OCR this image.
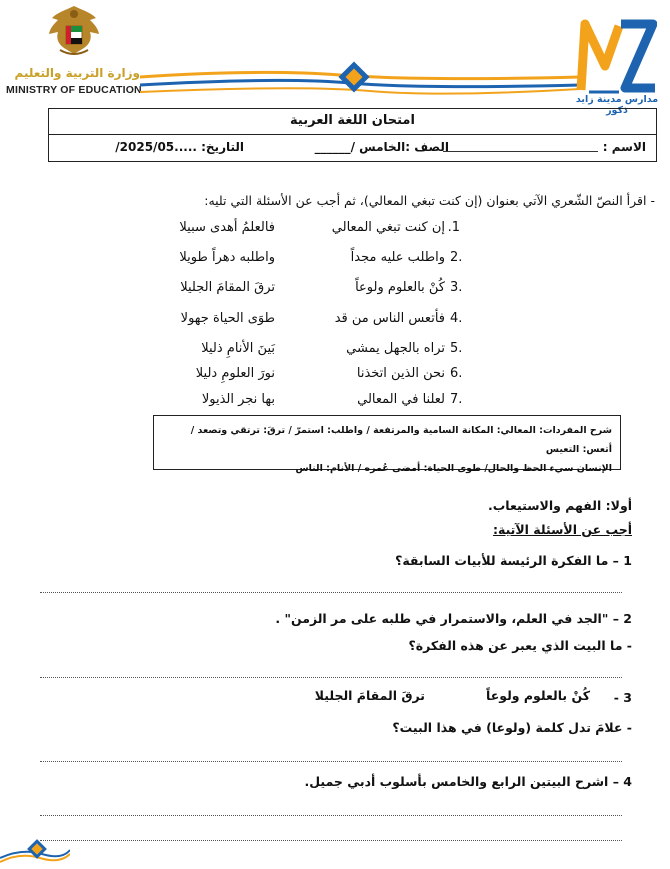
وزارة التربية والتعليم
MINISTRY OF EDUCATION
مدارس مدينة زايد ذكور
امتحان اللغة العربية
الاسم :
الصف :الخامس /______
التاريخ: .....2025/05/
- اقرأ النصّ الشّعري الآتي بعنوان (إن كنت تبغي المعالي)، ثم أجب عن الأسئلة التي تليه:
1.
إن كنت تبغي المعالي
فالعلمُ أهدى سبيلا
2.
واطلب عليه مجداً
واطلبه دهراً طويلا
3.
كُنْ بالعلوم ولوعاً
ترقَ المقامَ الجليلا
4.
فأتعس الناس من قد
طوَى الحياة جهولا
5.
تراه بالجهل يمشي
بَينَ الأنامِ ذليلا
6.
نحن الذين اتخذنا
نورَ العلومِ دليلا
7.
لعلنا في المعالي
بها نجر الذيولا
شرح المفردات: المعالي: المكانة السامية والمرتفعة / واطلب: استمرّ / ترقَ: ترتقي وتصعد / أتعس: التعيس
الإنسان سيء الحظ والحال/ طوى الحياة: أمضى عُمره / الأنام: الناس
أولا: الفهم والاستيعاب.
أجب عن الأسئلة الآتية:
1 – ما الفكرة الرئيسة للأبيات السابقة؟
2 – "الجد في العلم، والاستمرار في طلبه على مر الزمن" .
- ما البيت الذي يعبر عن هذه الفكرة؟
3 -
كُنْ بالعلوم ولوعاً
ترقَ المقامَ الجليلا
- علامَ تدل كلمة (ولوعا) في هذا البيت؟
4 – اشرح البيتين الرابع والخامس بأسلوب أدبي جميل.
